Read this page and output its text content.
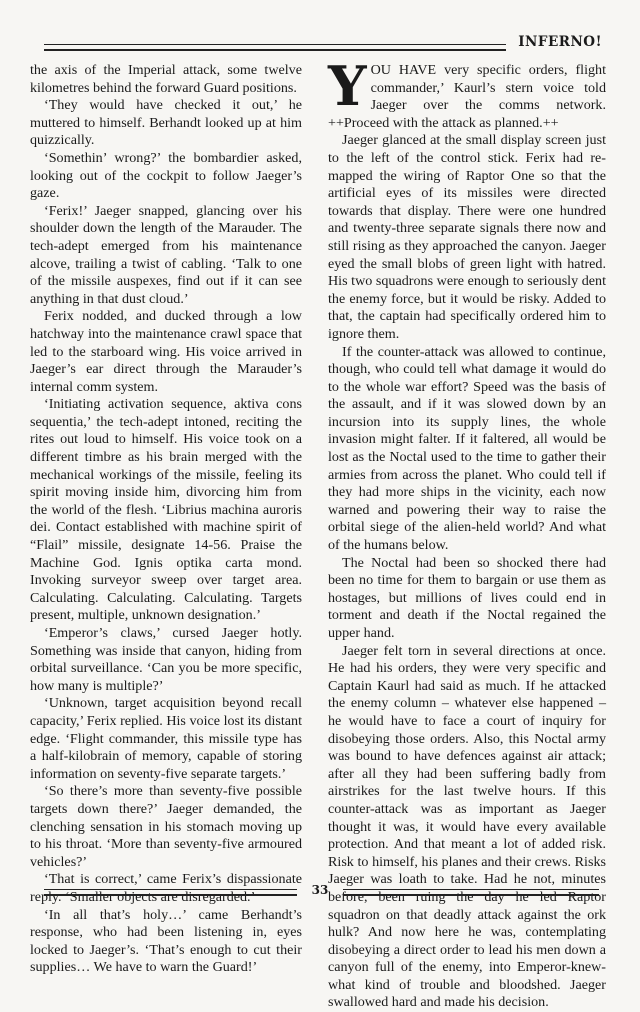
INFERNO!

the axis of the Imperial attack, some twelve kilometres behind the forward Guard positions.

‘They would have checked it out,’ he muttered to himself. Berhandt looked up at him quizzically.

‘Somethin’ wrong?’ the bombardier asked, looking out of the cockpit to follow Jaeger’s gaze.

‘Ferix!’ Jaeger snapped, glancing over his shoulder down the length of the Marauder. The tech-adept emerged from his maintenance alcove, trailing a twist of cabling. ‘Talk to one of the missile auspexes, find out if it can see anything in that dust cloud.’

Ferix nodded, and ducked through a low hatchway into the maintenance crawl space that led to the starboard wing. His voice arrived in Jaeger’s ear direct through the Marauder’s internal comm system.

‘Initiating activation sequence, aktiva cons sequentia,’ the tech-adept intoned, reciting the rites out loud to himself. His voice took on a different timbre as his brain merged with the mechanical workings of the missile, feeling its spirit moving inside him, divorcing him from the world of the flesh. ‘Librius machina auroris dei. Contact established with machine spirit of “Flail” missile, designate 14-56. Praise the Machine God. Ignis optika carta mond. Invoking surveyor sweep over target area. Calculating. Calculating. Calculating. Targets present, multiple, unknown designation.’

‘Emperor’s claws,’ cursed Jaeger hotly. Something was inside that canyon, hiding from orbital surveillance. ‘Can you be more specific, how many is multiple?’

‘Unknown, target acquisition beyond recall capacity,’ Ferix replied. His voice lost its distant edge. ‘Flight commander, this missile type has a half-kilobrain of memory, capable of storing information on seventy-five separate targets.’

‘So there’s more than seventy-five possible targets down there?’ Jaeger demanded, the clenching sensation in his stomach moving up to his throat. ‘More than seventy-five armoured vehicles?’

‘That is correct,’ came Ferix’s dispassionate reply. ‘Smaller objects are disregarded.’

‘In all that’s holy…’ came Berhandt’s response, who had been listening in, eyes locked to Jaeger’s. ‘That’s enough to cut their supplies… We have to warn the Guard!’

YOU HAVE very specific orders, flight commander,’ Kaurl’s stern voice told Jaeger over the comms network. ++Proceed with the attack as planned.++

Jaeger glanced at the small display screen just to the left of the control stick. Ferix had re-mapped the wiring of Raptor One so that the artificial eyes of its missiles were directed towards that display. There were one hundred and twenty-three separate signals there now and still rising as they approached the canyon. Jaeger eyed the small blobs of green light with hatred. His two squadrons were enough to seriously dent the enemy force, but it would be risky. Added to that, the captain had specifically ordered him to ignore them.

If the counter-attack was allowed to continue, though, who could tell what damage it would do to the whole war effort? Speed was the basis of the assault, and if it was slowed down by an incursion into its supply lines, the whole invasion might falter. If it faltered, all would be lost as the Noctal used to the time to gather their armies from across the planet. Who could tell if they had more ships in the vicinity, each now warned and powering their way to raise the orbital siege of the alien-held world? And what of the humans below.

The Noctal had been so shocked there had been no time for them to bargain or use them as hostages, but millions of lives could end in torment and death if the Noctal regained the upper hand.

Jaeger felt torn in several directions at once. He had his orders, they were very specific and Captain Kaurl had said as much. If he attacked the enemy column – whatever else happened – he would have to face a court of inquiry for disobeying those orders. Also, this Noctal army was bound to have defences against air attack; after all they had been suffering badly from airstrikes for the last twelve hours. If this counter-attack was as important as Jaeger thought it was, it would have every available protection. And that meant a lot of added risk. Risk to himself, his planes and their crews. Risks Jaeger was loath to take. Had he not, minutes before, been ruing the day he led Raptor squadron on that deadly attack against the ork hulk? And now here he was, contemplating disobeying a direct order to lead his men down a canyon full of the enemy, into Emperor-knew-what kind of trouble and bloodshed. Jaeger swallowed hard and made his decision.

33
